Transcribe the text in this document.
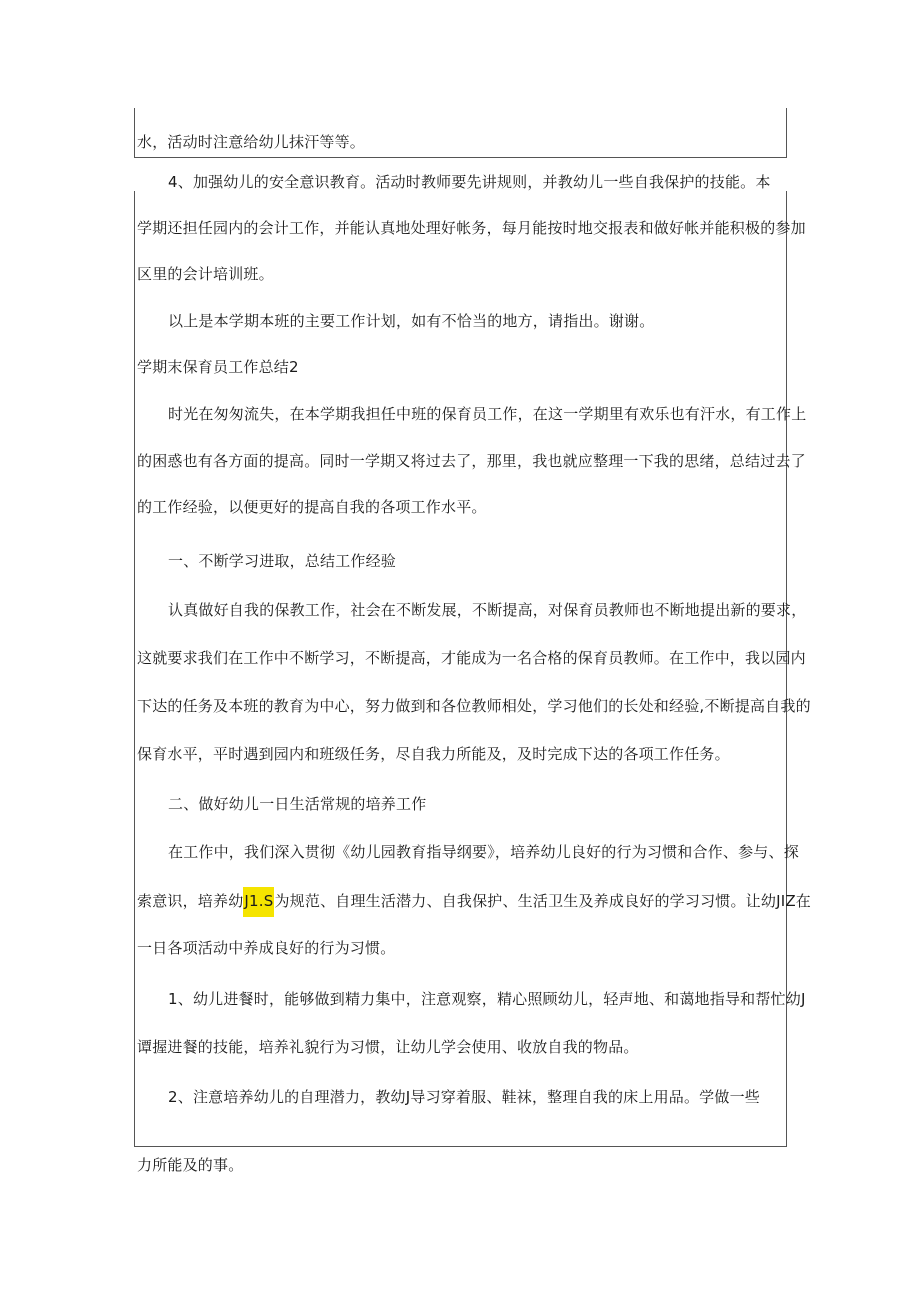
水，活动时注意给幼儿抹汗等等。
4、加强幼儿的安全意识教育。活动时教师要先讲规则，并教幼儿一些自我保护的技能。本
学期还担任园内的会计工作，并能认真地处理好帐务，每月能按时地交报表和做好帐并能积极的参加
区里的会计培训班。
以上是本学期本班的主要工作计划，如有不恰当的地方，请指出。谢谢。
学期末保育员工作总结2
时光在匆匆流失，在本学期我担任中班的保育员工作，在这一学期里有欢乐也有汗水，有工作上
的困惑也有各方面的提高。同时一学期又将过去了，那里，我也就应整理一下我的思绪，总结过去了
的工作经验，以便更好的提高自我的各项工作水平。
一、不断学习进取，总结工作经验
认真做好自我的保教工作，社会在不断发展，不断提高，对保育员教师也不断地提出新的要求，
这就要求我们在工作中不断学习，不断提高，才能成为一名合格的保育员教师。在工作中，我以园内
下达的任务及本班的教育为中心，努力做到和各位教师相处，学习他们的长处和经验,不断提高自我的
保育水平，平时遇到园内和班级任务，尽自我力所能及，及时完成下达的各项工作任务。
二、做好幼儿一日生活常规的培养工作
在工作中，我们深入贯彻《幼儿园教育指导纲要》，培养幼儿良好的行为习惯和合作、参与、探
索意识，培养幼J1.S为规范、自理生活潜力、自我保护、生活卫生及养成良好的学习习惯。让幼JIZ在
一日各项活动中养成良好的行为习惯。
1、幼儿进餐时，能够做到精力集中，注意观察，精心照顾幼儿，轻声地、和蔼地指导和帮忙幼J
谭握进餐的技能，培养礼貌行为习惯，让幼儿学会使用、收放自我的物品。
2、注意培养幼儿的自理潜力，教幼J导习穿着服、鞋袜，整理自我的床上用品。学做一些
力所能及的事。
